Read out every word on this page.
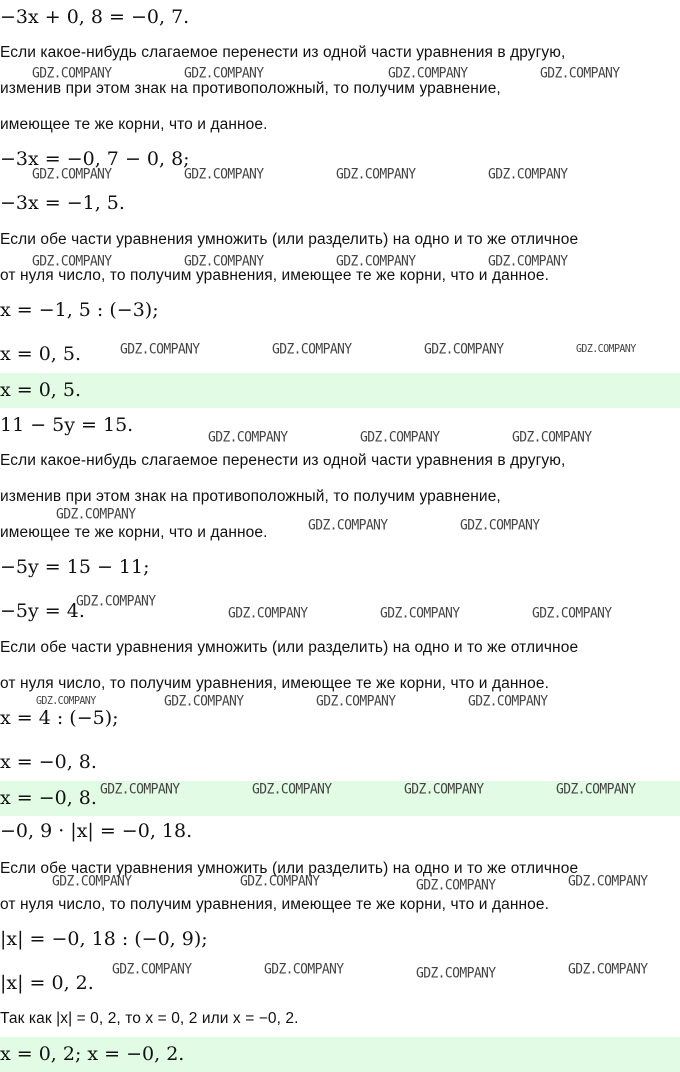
−3x + 0, 8 = −0, 7.
Если какое-нибудь слагаемое перенести из одной части уравнения в другую,
изменив при этом знак на противоположный, то получим уравнение,
имеющее те же корни, что и данное.
−3x = −0, 7 − 0, 8;
−3x = −1, 5.
Если обе части уравнения умножить (или разделить) на одно и то же отличное
от нуля число, то получим уравнения, имеющее те же корни, что и данное.
x = −1, 5 : (−3);
x = 0, 5.
x = 0, 5.
11 − 5y = 15.
Если какое-нибудь слагаемое перенести из одной части уравнения в другую,
изменив при этом знак на противоположный, то получим уравнение,
имеющее те же корни, что и данное.
−5y = 15 − 11;
−5y = 4.
Если обе части уравнения умножить (или разделить) на одно и то же отличное
от нуля число, то получим уравнения, имеющее те же корни, что и данное.
x = 4 : (−5);
x = −0, 8.
x = −0, 8.
−0, 9 · |x| = −0, 18.
Если обе части уравнения умножить (или разделить) на одно и то же отличное
от нуля число, то получим уравнения, имеющее те же корни, что и данное.
|x| = −0, 18 : (−0, 9);
|x| = 0, 2.
Так как |x| = 0, 2, то x = 0, 2 или x = −0, 2.
x = 0, 2; x = −0, 2.
GDZ.COMPANY	GDZ.COMPANY	GDZ.COMPANY	GDZ.COMPANY
GDZ.COMPANY	GDZ.COMPANY	GDZ.COMPANY	GDZ.COMPANY
GDZ.COMPANY	GDZ.COMPANY	GDZ.COMPANY	GDZ.COMPANY
GDZ.COMPANY	GDZ.COMPANY	GDZ.COMPANY	GDZ.COMPANY
GDZ.COMPANY	GDZ.COMPANY	GDZ.COMPANY
GDZ.COMPANY
GDZ.COMPANY	GDZ.COMPANY
GDZ.COMPANY
GDZ.COMPANY	GDZ.COMPANY	GDZ.COMPANY
GDZ.COMPANY	GDZ.COMPANY	GDZ.COMPANY	GDZ.COMPANY
GDZ.COMPANY	GDZ.COMPANY	GDZ.COMPANY	GDZ.COMPANY
GDZ.COMPANY	GDZ.COMPANY	GDZ.COMPANY	GDZ.COMPANY
GDZ.COMPANY	GDZ.COMPANY	GDZ.COMPANY	GDZ.COMPANY
